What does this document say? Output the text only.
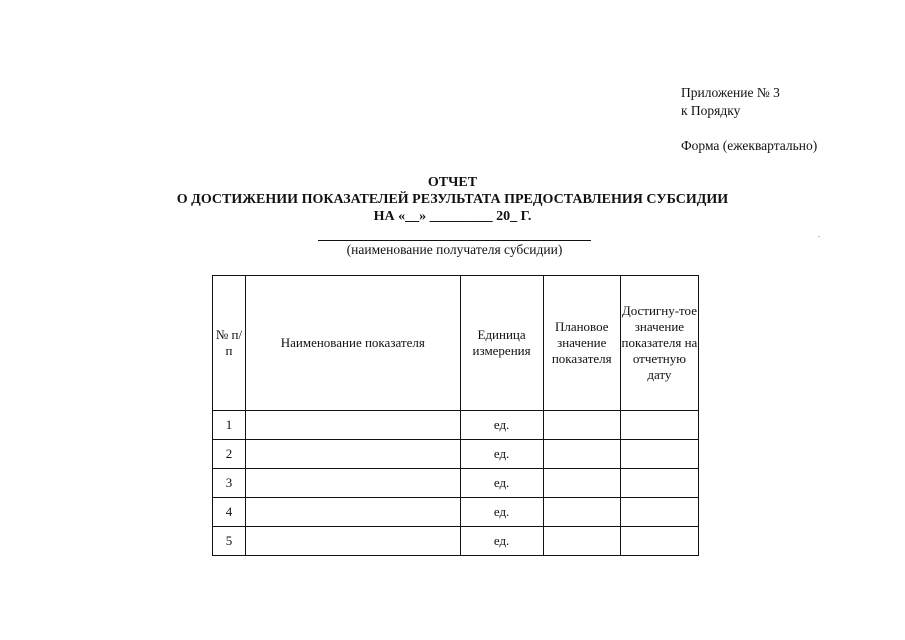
Приложение № 3
к Порядку
Форма (ежеквартально)
ОТЧЕТ
О ДОСТИЖЕНИИ ПОКАЗАТЕЛЕЙ РЕЗУЛЬТАТА ПРЕДОСТАВЛЕНИЯ СУБСИДИИ
НА «__» _________ 20_ Г.
(наименование получателя субсидии)
№ п/п	Наименование показателя	Единица измерения	Плановое значение показателя	Достигну-тое значение показателя на отчетную дату
1		ед.		
2		ед.		
3		ед.		
4		ед.		
5		ед.		
